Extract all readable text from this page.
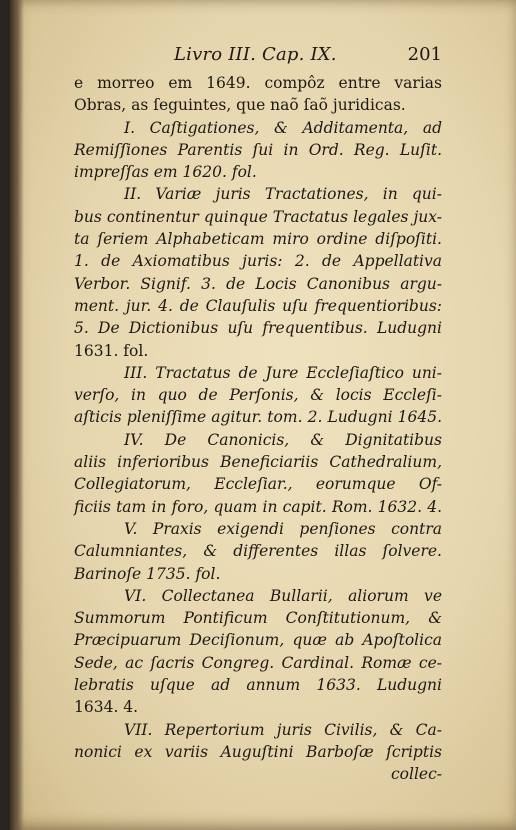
Livro III. Cap. IX.	201
e morreo em 1649. compôz entre varias
Obras, as ſeguintes, que naõ ſaõ juridicas.
I. Caſtigationes, & Additamenta, ad
Remiſſiones Parentis ſui in Ord. Reg. Luſit.
impreſſas em 1620. fol.
II. Variæ juris Tractationes, in qui-
bus continentur quinque Tractatus legales jux-
ta ſeriem Alphabeticam miro ordine diſpoſiti.
1. de Axiomatibus juris: 2. de Appellativa
Verbor. Signif. 3. de Locis Canonibus argu-
ment. jur. 4. de Clauſulis uſu frequentioribus:
5. De Dictionibus uſu frequentibus. Ludugni
1631. fol.
III. Tractatus de Jure Eccleſiaſtico uni-
verſo, in quo de Perſonis, & locis Eccleſi-
aſticis pleniſſime agitur. tom. 2. Ludugni 1645.
IV. De Canonicis, & Dignitatibus
aliis inferioribus Beneficiariis Cathedralium,
Collegiatorum, Eccleſiar., eorumque Of-
ficiis tam in foro, quam in capit. Rom. 1632. 4.
V. Praxis exigendi penſiones contra
Calumniantes, & differentes illas ſolvere.
Barinoſe 1735. fol.
VI. Collectanea Bullarii, aliorum ve
Summorum Pontificum Conſtitutionum, &
Præcipuarum Deciſionum, quæ ab Apoſtolica
Sede, ac ſacris Congreg. Cardinal. Romæ ce-
lebratis uſque ad annum 1633. Ludugni
1634. 4.
VII. Repertorium juris Civilis, & Ca-
nonici ex variis Auguſtini Barboſæ ſcriptis
collec-
